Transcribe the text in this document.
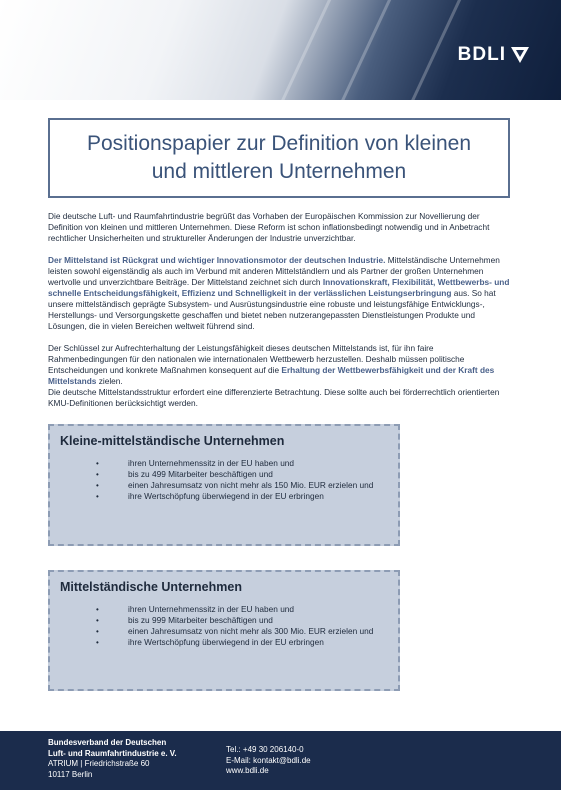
BDLI
Positionspapier zur Definition von kleinen
und mittleren Unternehmen

Die deutsche Luft- und Raumfahrtindustrie begrüßt das Vorhaben der Europäischen Kommission zur Novellierung der Definition von kleinen und mittleren Unternehmen. Diese Reform ist schon inflationsbedingt notwendig und in Anbetracht rechtlicher Unsicherheiten und struktureller Änderungen der Industrie unverzichtbar.

Der Mittelstand ist Rückgrat und wichtiger Innovationsmotor der deutschen Industrie. Mittelständische Unternehmen leisten sowohl eigenständig als auch im Verbund mit anderen Mittelständlern und als Partner der großen Unternehmen wertvolle und unverzichtbare Beiträge. Der Mittelstand zeichnet sich durch Innovationskraft, Flexibilität, Wettbewerbs- und schnelle Entscheidungsfähigkeit, Effizienz und Schnelligkeit in der verlässlichen Leistungserbringung aus. So hat unsere mittelständisch geprägte Subsystem- und Ausrüstungsindustrie eine robuste und leistungsfähige Entwicklungs-, Herstellungs- und Versorgungskette geschaffen und bietet neben nutzerangepassten Dienstleistungen Produkte und Lösungen, die in vielen Bereichen weltweit führend sind.

Der Schlüssel zur Aufrechterhaltung der Leistungsfähigkeit dieses deutschen Mittelstands ist, für ihn faire Rahmenbedingungen für den nationalen wie internationalen Wettbewerb herzustellen. Deshalb müssen politische Entscheidungen und konkrete Maßnahmen konsequent auf die Erhaltung der Wettbewerbsfähigkeit und der Kraft des Mittelstands zielen.

Die deutsche Mittelstandsstruktur erfordert eine differenzierte Betrachtung. Diese sollte auch bei förderrechtlich orientierten KMU-Definitionen berücksichtigt werden.

Kleine-mittelständische Unternehmen
•	ihren Unternehmenssitz in der EU haben und
•	bis zu 499 Mitarbeiter beschäftigen und
•	einen Jahresumsatz von nicht mehr als 150 Mio. EUR erzielen und
•	ihre Wertschöpfung überwiegend in der EU erbringen
Mittelständische Unternehmen
•	ihren Unternehmenssitz in der EU haben und
•	bis zu 999 Mitarbeiter beschäftigen und
•	einen Jahresumsatz von nicht mehr als 300 Mio. EUR erzielen und
•	ihre Wertschöpfung überwiegend in der EU erbringen
Bundesverband der Deutschen
Luft- und Raumfahrtindustrie e. V.
ATRIUM | Friedrichstraße 60
10117 Berlin
Tel.: +49 30 206140-0
E-Mail: kontakt@bdli.de
www.bdli.de
